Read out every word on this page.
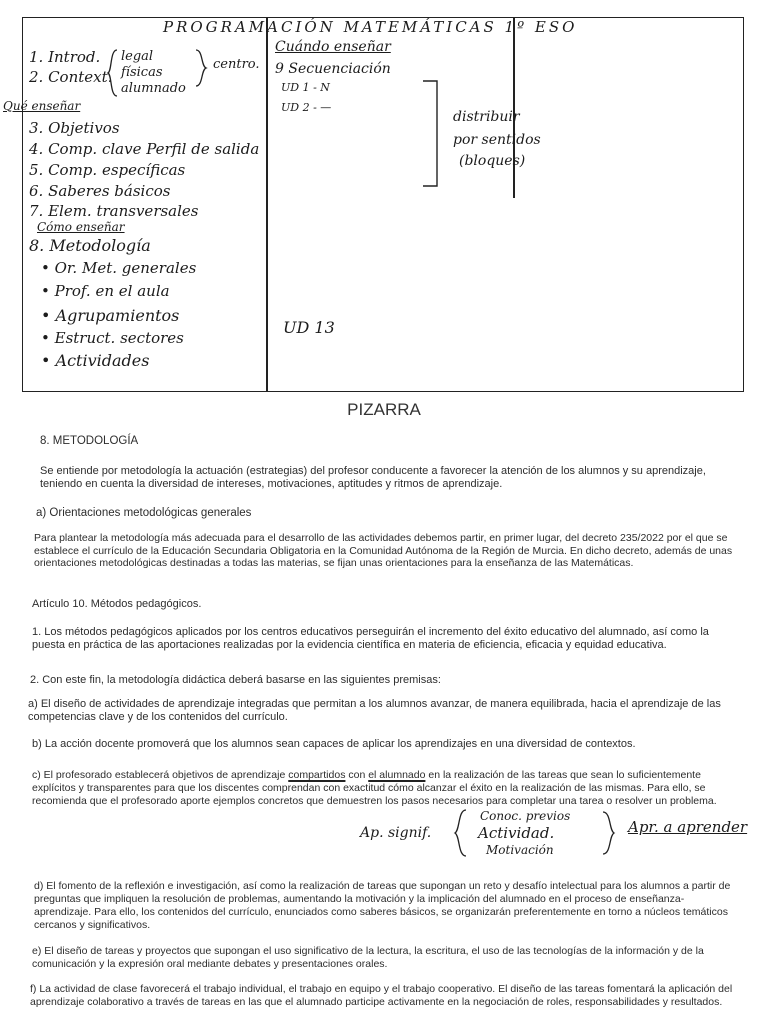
PROGRAMACIÓN MATEMÁTICAS 1º ESO
1. Introd.
2. Context.
legal
físicas
alumnado
centro.
Qué enseñar
3. Objetivos
4. Comp. clave Perfil de salida
5. Comp. específicas
6. Saberes básicos
7. Elem. transversales
Cómo enseñar
8. Metodología
• Or. Met. generales
• Prof. en el aula
• Agrupamientos
• Estruct. sectores
• Actividades
Cuándo enseñar
9 Secuenciación
UD 1 - N
UD 2 - —
UD 13
distribuir
por sentidos
(bloques)
PIZARRA
8. METODOLOGÍA
Se entiende por metodología la actuación (estrategias) del profesor conducente a favorecer la atención de los alumnos y su aprendizaje, teniendo en cuenta la diversidad de intereses, motivaciones, aptitudes y ritmos de aprendizaje.
a) Orientaciones metodológicas generales
Para plantear la metodología más adecuada para el desarrollo de las actividades debemos partir, en primer lugar, del decreto 235/2022 por el que se establece el currículo de la Educación Secundaria Obligatoria en la Comunidad Autónoma de la Región de Murcia. En dicho decreto, además de unas orientaciones metodológicas destinadas a todas las materias, se fijan unas orientaciones para la enseñanza de las Matemáticas.
Artículo 10. Métodos pedagógicos.
1. Los métodos pedagógicos aplicados por los centros educativos perseguirán el incremento del éxito educativo del alumnado, así como la puesta en práctica de las aportaciones realizadas por la evidencia científica en materia de eficiencia, eficacia y equidad educativa.
2. Con este fin, la metodología didáctica deberá basarse en las siguientes premisas:
a) El diseño de actividades de aprendizaje integradas que permitan a los alumnos avanzar, de manera equilibrada, hacia el aprendizaje de las competencias clave y de los contenidos del currículo.
b) La acción docente promoverá que los alumnos sean capaces de aplicar los aprendizajes en una diversidad de contextos.
c) El profesorado establecerá objetivos de aprendizaje compartidos con el alumnado en la realización de las tareas que sean lo suficientemente explícitos y transparentes para que los discentes comprendan con exactitud cómo alcanzar el éxito en la realización de las mismas. Para ello, se recomienda que el profesorado aporte ejemplos concretos que demuestren los pasos necesarios para completar una tarea o resolver un problema.
Ap. signif.
Conoc. previos
Actividad.
Motivación
Apr. a aprender
d) El fomento de la reflexión e investigación, así como la realización de tareas que supongan un reto y desafío intelectual para los alumnos a partir de preguntas que impliquen la resolución de problemas, aumentando la motivación y la implicación del alumnado en el proceso de enseñanza-aprendizaje. Para ello, los contenidos del currículo, enunciados como saberes básicos, se organizarán preferentemente en torno a núcleos temáticos cercanos y significativos.
e) El diseño de tareas y proyectos que supongan el uso significativo de la lectura, la escritura, el uso de las tecnologías de la información y de la comunicación y la expresión oral mediante debates y presentaciones orales.
f) La actividad de clase favorecerá el trabajo individual, el trabajo en equipo y el trabajo cooperativo. El diseño de las tareas fomentará la aplicación del aprendizaje colaborativo a través de tareas en las que el alumnado participe activamente en la negociación de roles, responsabilidades y resultados.
